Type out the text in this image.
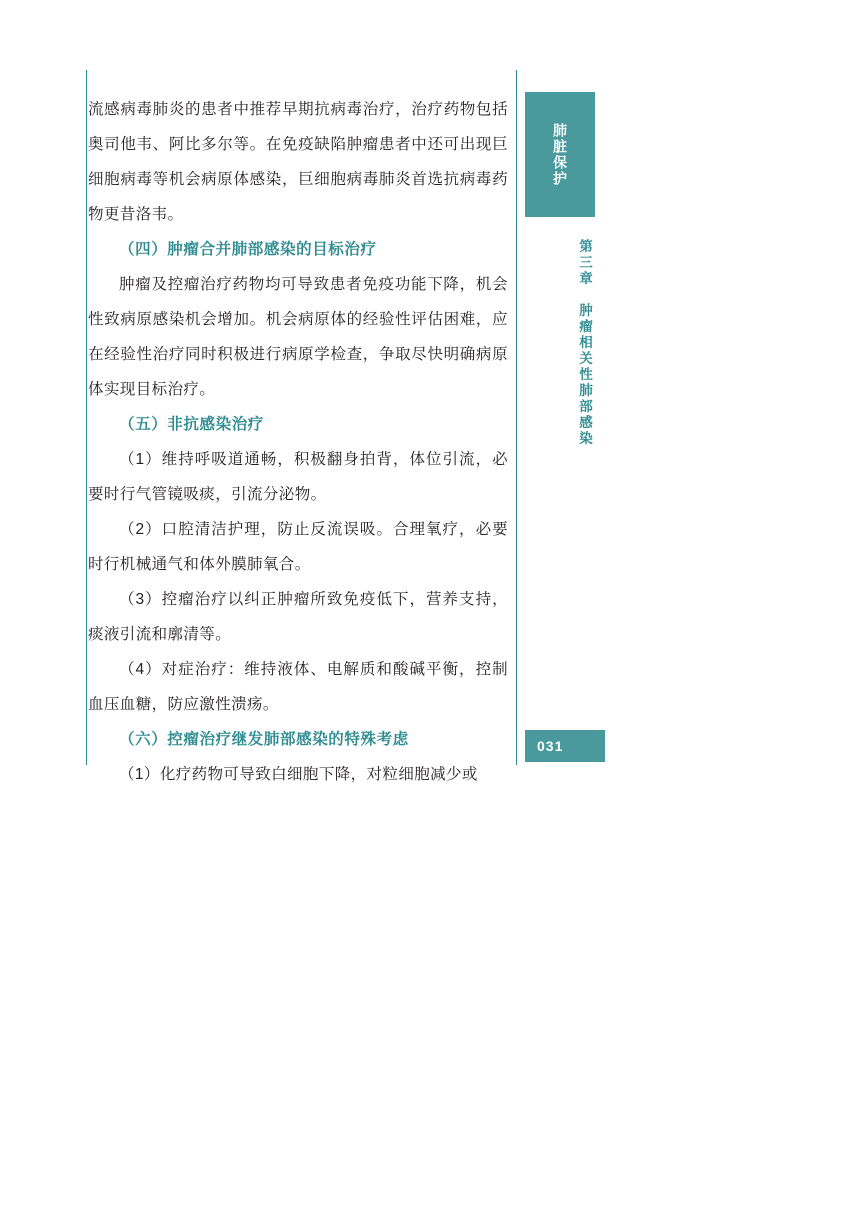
流感病毒肺炎的患者中推荐早期抗病毒治疗，治疗药物包括奥司他韦、阿比多尔等。在免疫缺陷肿瘤患者中还可出现巨细胞病毒等机会病原体感染，巨细胞病毒肺炎首选抗病毒药物更昔洛韦。

（四）肿瘤合并肺部感染的目标治疗

肿瘤及控瘤治疗药物均可导致患者免疫功能下降，机会性致病原感染机会增加。机会病原体的经验性评估困难，应在经验性治疗同时积极进行病原学检查，争取尽快明确病原体实现目标治疗。

（五）非抗感染治疗

（1）维持呼吸道通畅，积极翻身拍背，体位引流，必要时行气管镜吸痰，引流分泌物。

（2）口腔清洁护理，防止反流误吸。合理氧疗，必要时行机械通气和体外膜肺氧合。

（3）控瘤治疗以纠正肿瘤所致免疫低下，营养支持，痰液引流和廓清等。

（4）对症治疗：维持液体、电解质和酸碱平衡，控制血压血糖，防应激性溃疡。

（六）控瘤治疗继发肺部感染的特殊考虑

（1）化疗药物可导致白细胞下降，对粒细胞减少或

肺脏保护
第三章　肿瘤相关性肺部感染
031
